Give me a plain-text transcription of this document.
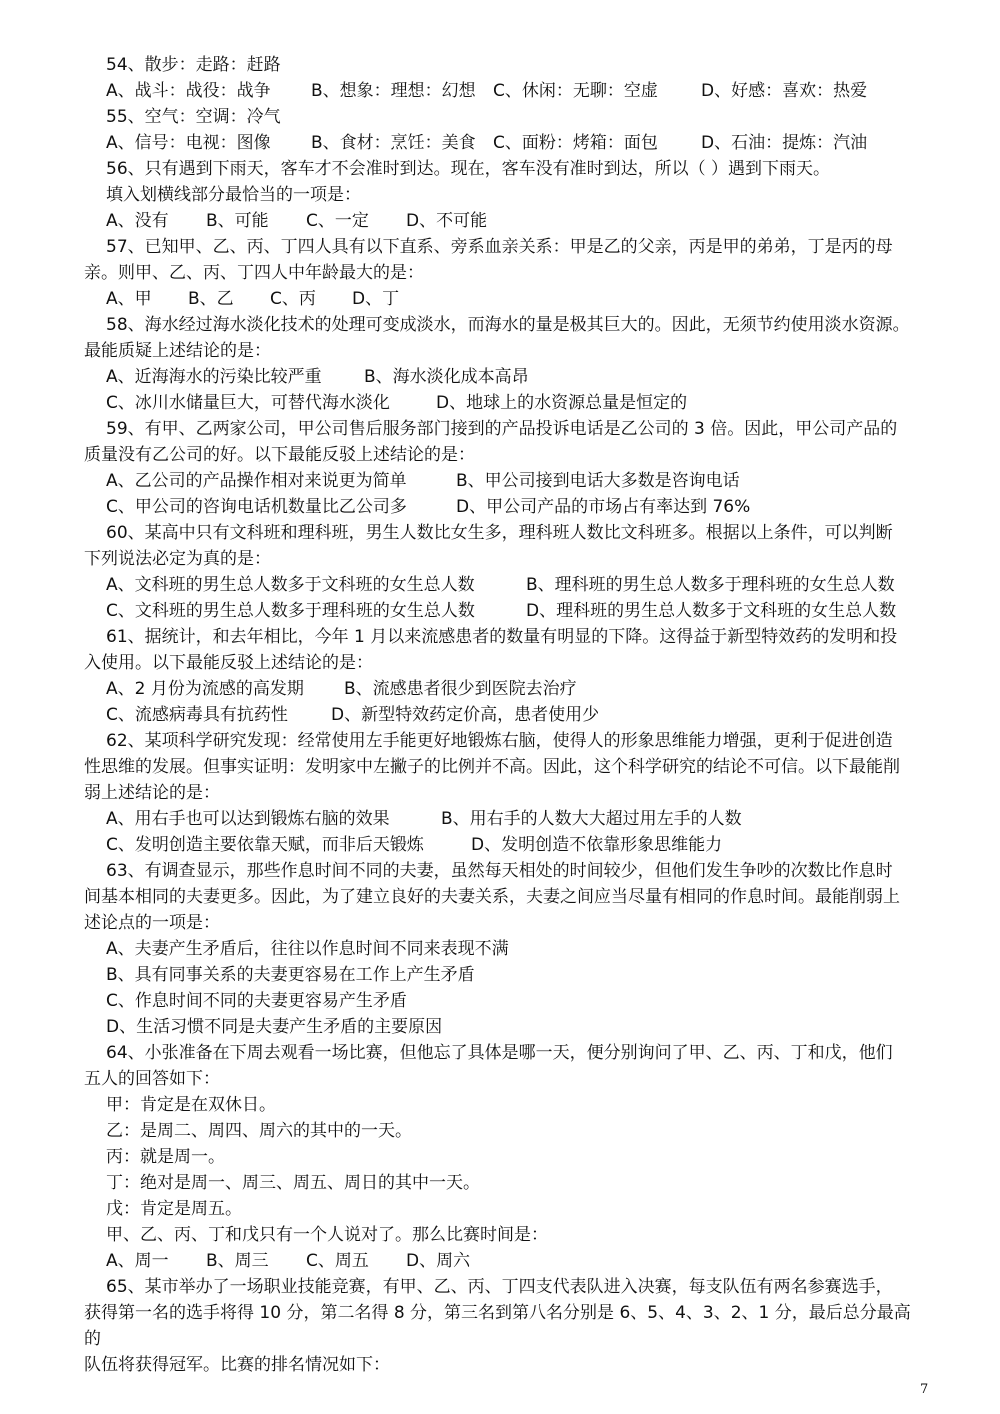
54、散步：走路：赶路

A、战斗：战役：战争	B、想象：理想：幻想	C、休闲：无聊：空虚	D、好感：喜欢：热爱

55、空气：空调：冷气

A、信号：电视：图像	B、食材：烹饪：美食	C、面粉：烤箱：面包	D、石油：提炼：汽油

56、只有遇到下雨天，客车才不会准时到达。现在，客车没有准时到达，所以（ ）遇到下雨天。

填入划横线部分最恰当的一项是：

A、没有	B、可能	C、一定	D、不可能

57、已知甲、乙、丙、丁四人具有以下直系、旁系血亲关系：甲是乙的父亲，丙是甲的弟弟，丁是丙的母

亲。则甲、乙、丙、丁四人中年龄最大的是：

A、甲	B、乙	C、丙	D、丁

58、海水经过海水淡化技术的处理可变成淡水，而海水的量是极其巨大的。因此，无须节约使用淡水资源。

最能质疑上述结论的是：

A、近海海水的污染比较严重	B、海水淡化成本高昂

C、冰川水储量巨大，可替代海水淡化	D、地球上的水资源总量是恒定的

59、有甲、乙两家公司，甲公司售后服务部门接到的产品投诉电话是乙公司的 3 倍。因此，甲公司产品的

质量没有乙公司的好。以下最能反驳上述结论的是：

A、乙公司的产品操作相对来说更为简单	B、甲公司接到电话大多数是咨询电话

C、甲公司的咨询电话机数量比乙公司多	D、甲公司产品的市场占有率达到 76%

60、某高中只有文科班和理科班，男生人数比女生多，理科班人数比文科班多。根据以上条件，可以判断

下列说法必定为真的是：

A、文科班的男生总人数多于文科班的女生总人数	B、理科班的男生总人数多于理科班的女生总人数

C、文科班的男生总人数多于理科班的女生总人数	D、理科班的男生总人数多于文科班的女生总人数

61、据统计，和去年相比，今年 1 月以来流感患者的数量有明显的下降。这得益于新型特效药的发明和投

入使用。以下最能反驳上述结论的是：

A、2 月份为流感的高发期	B、流感患者很少到医院去治疗

C、流感病毒具有抗药性	D、新型特效药定价高，患者使用少

62、某项科学研究发现：经常使用左手能更好地锻炼右脑，使得人的形象思维能力增强，更利于促进创造

性思维的发展。但事实证明：发明家中左撇子的比例并不高。因此，这个科学研究的结论不可信。以下最能削

弱上述结论的是：

A、用右手也可以达到锻炼右脑的效果	B、用右手的人数大大超过用左手的人数

C、发明创造主要依靠天赋，而非后天锻炼	D、发明创造不依靠形象思维能力

63、有调查显示，那些作息时间不同的夫妻，虽然每天相处的时间较少，但他们发生争吵的次数比作息时

间基本相同的夫妻更多。因此，为了建立良好的夫妻关系，夫妻之间应当尽量有相同的作息时间。最能削弱上

述论点的一项是：

A、夫妻产生矛盾后，往往以作息时间不同来表现不满

B、具有同事关系的夫妻更容易在工作上产生矛盾

C、作息时间不同的夫妻更容易产生矛盾

D、生活习惯不同是夫妻产生矛盾的主要原因

64、小张准备在下周去观看一场比赛，但他忘了具体是哪一天，便分别询问了甲、乙、丙、丁和戊，他们

五人的回答如下：

甲：肯定是在双休日。

乙：是周二、周四、周六的其中的一天。

丙：就是周一。

丁：绝对是周一、周三、周五、周日的其中一天。

戊：肯定是周五。

甲、乙、丙、丁和戊只有一个人说对了。那么比赛时间是：

A、周一	B、周三	C、周五	D、周六

65、某市举办了一场职业技能竞赛，有甲、乙、丙、丁四支代表队进入决赛，每支队伍有两名参赛选手，

获得第一名的选手将得 10 分，第二名得 8 分，第三名到第八名分别是 6、5、4、3、2、1 分，最后总分最高的

队伍将获得冠军。比赛的排名情况如下：

7
